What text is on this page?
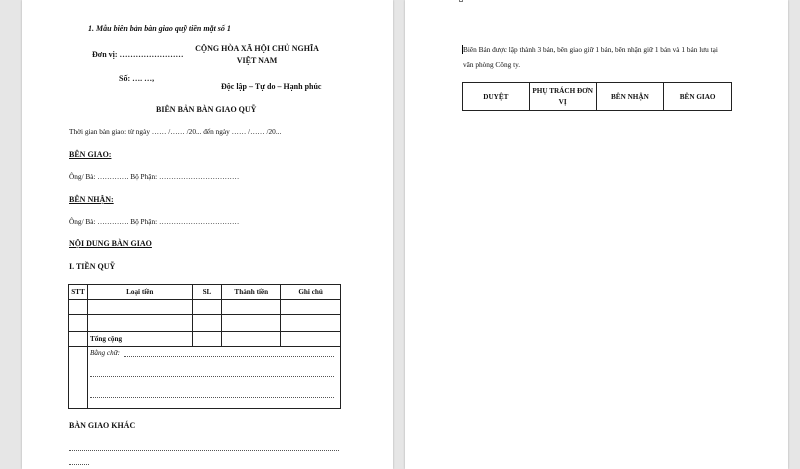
1. Mẫu biên bản bàn giao quỹ tiền mặt số 1
Đơn vị: ……………………
Số: …. …,
CỘNG HÒA XÃ HỘI CHỦ NGHĨA
VIỆT NAM
Độc lập – Tự do – Hạnh phúc
BIÊN BẢN BÀN GIAO QUỸ
Thời gian bàn giao: từ ngày …… /…… /20... đến ngày …… /…… /20...
BÊN GIAO:
Ông/ Bà: …………. Bộ Phận: ……………………………
BÊN NHẬN:
Ông/ Bà: …………. Bộ Phận: ……………………………
NỘI DUNG BÀN GIAO
I. TIỀN QUỸ
STT	Loại tiền	SL	Thành tiền	Ghi chú

	Tổng cộng			

	Bằng chữ:			
BÀN GIAO KHÁC
Biên Bản được lập thành 3 bản, bên giao giữ 1 bản, bên nhận giữ 1 bản và 1 bản lưu tại
văn phòng Công ty.
DUYỆT	PHỤ TRÁCH ĐƠN VỊ	BÊN NHẬN	BÊN GIAO
